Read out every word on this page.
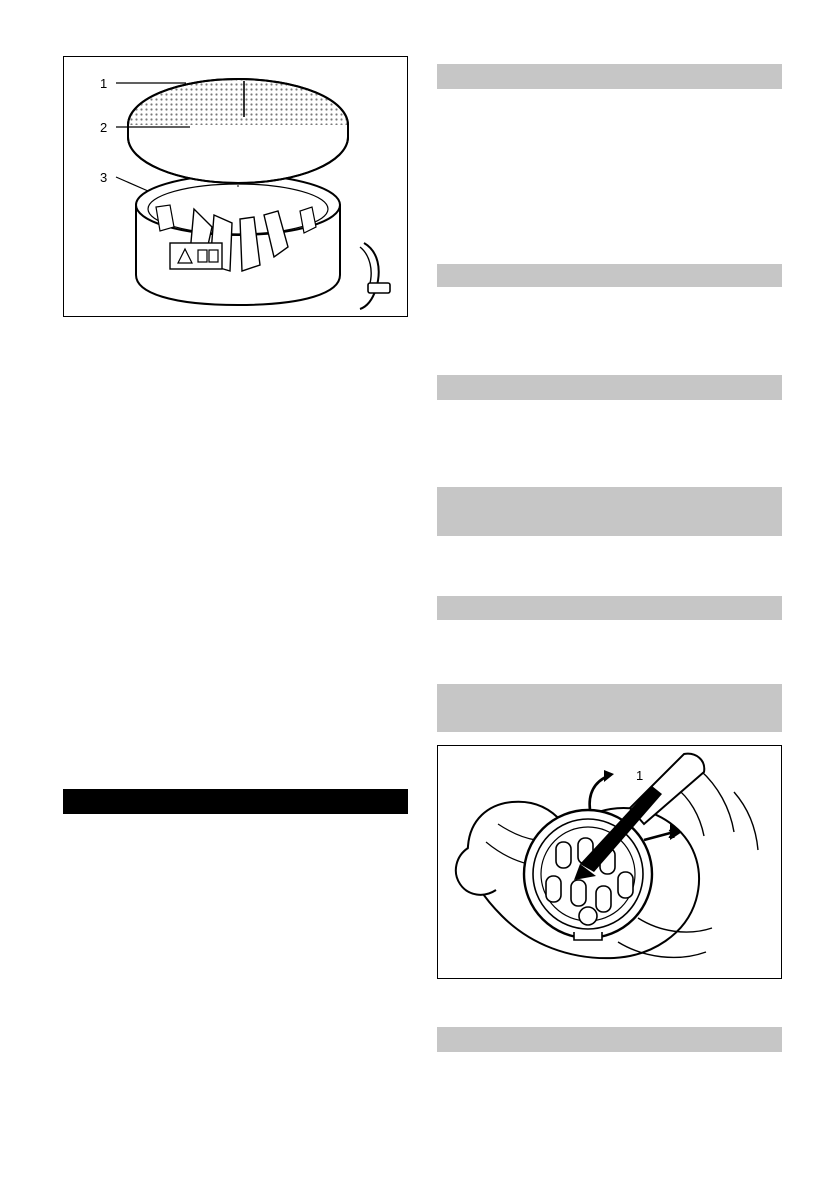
1
2
3
1
2
